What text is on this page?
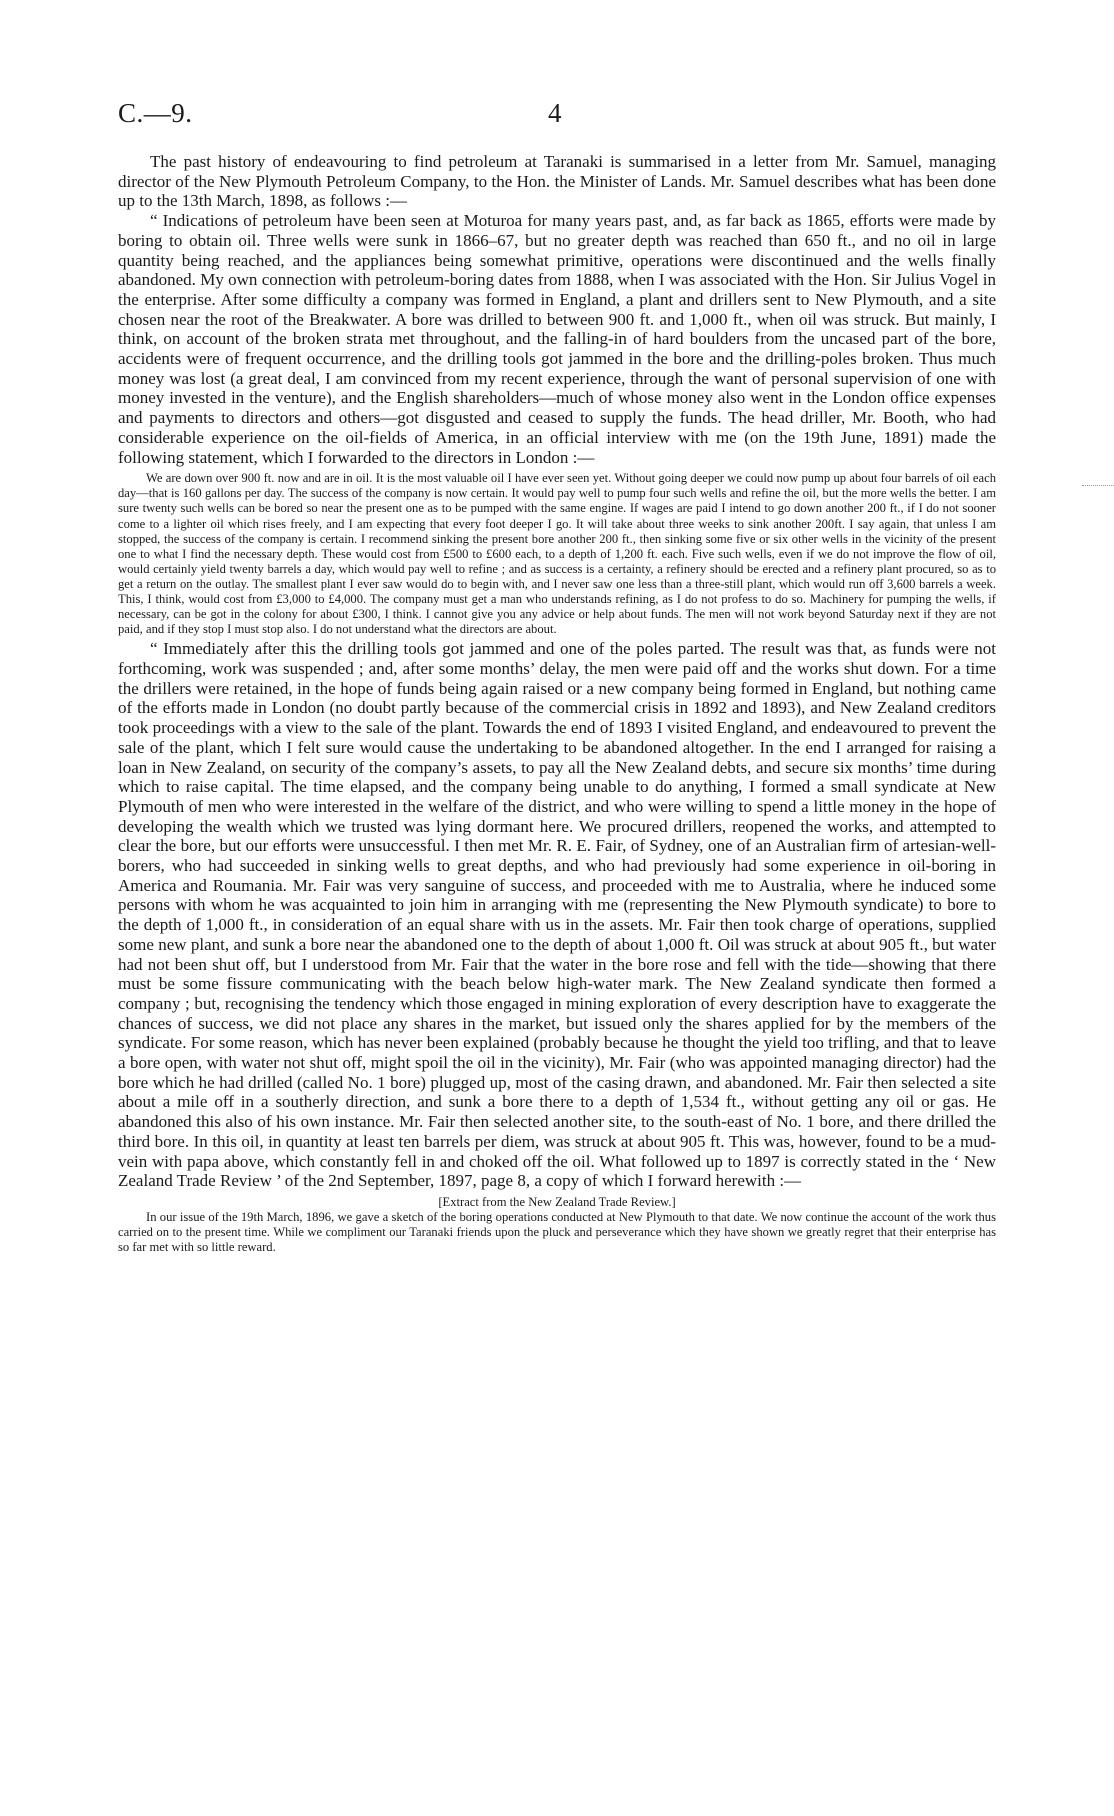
C.—9.	4

The past history of endeavouring to find petroleum at Taranaki is summarised in a letter from Mr. Samuel, managing director of the New Plymouth Petroleum Company, to the Hon. the Minister of Lands. Mr. Samuel describes what has been done up to the 13th March, 1898, as follows :—

“ Indications of petroleum have been seen at Moturoa for many years past, and, as far back as 1865, efforts were made by boring to obtain oil. Three wells were sunk in 1866–67, but no greater depth was reached than 650 ft., and no oil in large quantity being reached, and the appliances being somewhat primitive, operations were discontinued and the wells finally abandoned. My own connection with petroleum-boring dates from 1888, when I was associated with the Hon. Sir Julius Vogel in the enterprise. After some difficulty a company was formed in England, a plant and drillers sent to New Plymouth, and a site chosen near the root of the Breakwater. A bore was drilled to between 900 ft. and 1,000 ft., when oil was struck. But mainly, I think, on account of the broken strata met throughout, and the falling-in of hard boulders from the uncased part of the bore, accidents were of frequent occurrence, and the drilling tools got jammed in the bore and the drilling-poles broken. Thus much money was lost (a great deal, I am convinced from my recent experience, through the want of personal supervision of one with money invested in the venture), and the English shareholders—much of whose money also went in the London office expenses and payments to directors and others—got disgusted and ceased to supply the funds. The head driller, Mr. Booth, who had considerable experience on the oil-fields of America, in an official interview with me (on the 19th June, 1891) made the following statement, which I forwarded to the directors in London :—

We are down over 900 ft. now and are in oil. It is the most valuable oil I have ever seen yet. Without going deeper we could now pump up about four barrels of oil each day—that is 160 gallons per day. The success of the company is now certain. It would pay well to pump four such wells and refine the oil, but the more wells the better. I am sure twenty such wells can be bored so near the present one as to be pumped with the same engine. If wages are paid I intend to go down another 200 ft., if I do not sooner come to a lighter oil which rises freely, and I am expecting that every foot deeper I go. It will take about three weeks to sink another 200ft. I say again, that unless I am stopped, the success of the company is certain. I recommend sinking the present bore another 200 ft., then sinking some five or six other wells in the vicinity of the present one to what I find the necessary depth. These would cost from £500 to £600 each, to a depth of 1,200 ft. each. Five such wells, even if we do not improve the flow of oil, would certainly yield twenty barrels a day, which would pay well to refine ; and as success is a certainty, a refinery should be erected and a refinery plant procured, so as to get a return on the outlay. The smallest plant I ever saw would do to begin with, and I never saw one less than a three-still plant, which would run off 3,600 barrels a week. This, I think, would cost from £3,000 to £4,000. The company must get a man who understands refining, as I do not profess to do so. Machinery for pumping the wells, if necessary, can be got in the colony for about £300, I think. I cannot give you any advice or help about funds. The men will not work beyond Saturday next if they are not paid, and if they stop I must stop also. I do not understand what the directors are about.

“ Immediately after this the drilling tools got jammed and one of the poles parted. The result was that, as funds were not forthcoming, work was suspended ; and, after some months’ delay, the men were paid off and the works shut down. For a time the drillers were retained, in the hope of funds being again raised or a new company being formed in England, but nothing came of the efforts made in London (no doubt partly because of the commercial crisis in 1892 and 1893), and New Zealand creditors took proceedings with a view to the sale of the plant. Towards the end of 1893 I visited England, and endeavoured to prevent the sale of the plant, which I felt sure would cause the undertaking to be abandoned altogether. In the end I arranged for raising a loan in New Zealand, on security of the company’s assets, to pay all the New Zealand debts, and secure six months’ time during which to raise capital. The time elapsed, and the company being unable to do anything, I formed a small syndicate at New Plymouth of men who were interested in the welfare of the district, and who were willing to spend a little money in the hope of developing the wealth which we trusted was lying dormant here. We procured drillers, reopened the works, and attempted to clear the bore, but our efforts were unsuccessful. I then met Mr. R. E. Fair, of Sydney, one of an Australian firm of artesian-well-borers, who had succeeded in sinking wells to great depths, and who had previously had some experience in oil-boring in America and Roumania. Mr. Fair was very sanguine of success, and proceeded with me to Australia, where he induced some persons with whom he was acquainted to join him in arranging with me (representing the New Plymouth syndicate) to bore to the depth of 1,000 ft., in consideration of an equal share with us in the assets. Mr. Fair then took charge of operations, supplied some new plant, and sunk a bore near the abandoned one to the depth of about 1,000 ft. Oil was struck at about 905 ft., but water had not been shut off, but I understood from Mr. Fair that the water in the bore rose and fell with the tide—showing that there must be some fissure communicating with the beach below high-water mark. The New Zealand syndicate then formed a company ; but, recognising the tendency which those engaged in mining exploration of every description have to exaggerate the chances of success, we did not place any shares in the market, but issued only the shares applied for by the members of the syndicate. For some reason, which has never been explained (probably because he thought the yield too trifling, and that to leave a bore open, with water not shut off, might spoil the oil in the vicinity), Mr. Fair (who was appointed managing director) had the bore which he had drilled (called No. 1 bore) plugged up, most of the casing drawn, and abandoned. Mr. Fair then selected a site about a mile off in a southerly direction, and sunk a bore there to a depth of 1,534 ft., without getting any oil or gas. He abandoned this also of his own instance. Mr. Fair then selected another site, to the south-east of No. 1 bore, and there drilled the third bore. In this oil, in quantity at least ten barrels per diem, was struck at about 905 ft. This was, however, found to be a mud-vein with papa above, which constantly fell in and choked off the oil. What followed up to 1897 is correctly stated in the ‘ New Zealand Trade Review ’ of the 2nd September, 1897, page 8, a copy of which I forward herewith :—

[Extract from the New Zealand Trade Review.]

In our issue of the 19th March, 1896, we gave a sketch of the boring operations conducted at New Plymouth to that date. We now continue the account of the work thus carried on to the present time. While we compliment our Taranaki friends upon the pluck and perseverance which they have shown we greatly regret that their enterprise has so far met with so little reward.
